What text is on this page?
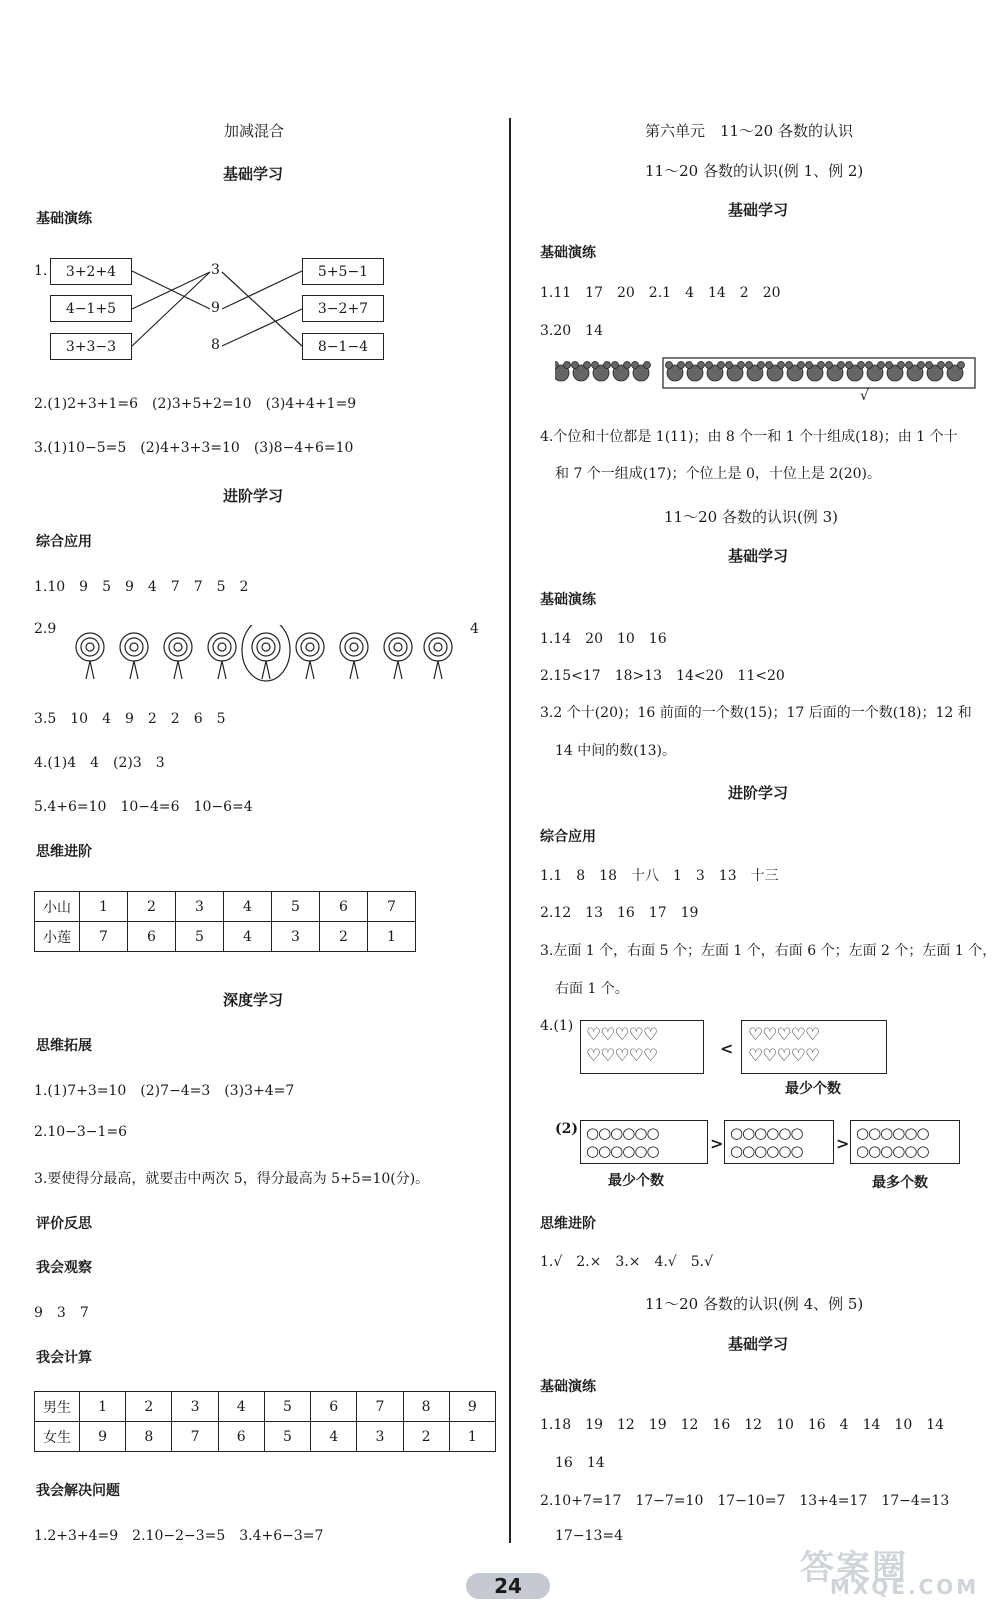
加减混合
基础学习
基础演练
1.	3+2+4
4−1+5
3+3−3
3
9
8
5+5−1
3−2+7
8−1−4
2.(1)2+3+1=6　(2)3+5+2=10　(3)4+4+1=9
3.(1)10−5=5　(2)4+3+3=10　(3)8−4+6=10
进阶学习
综合应用
1.10　9　5　9　4　7　7　5　2
2.9	4
3.5　10　4　9　2　2　6　5
4.(1)4　4　(2)3　3
5.4+6=10　10−4=6　10−6=4
思维进阶
小山	1	2	3	4	5	6	7
小莲	7	6	5	4	3	2	1
深度学习
思维拓展
1.(1)7+3=10　(2)7−4=3　(3)3+4=7
2.10−3−1=6
3.要使得分最高，就要击中两次 5，得分最高为 5+5=10(分)。
评价反思
我会观察
9　3　7
我会计算
男生	1	2	3	4	5	6	7	8	9
女生	9	8	7	6	5	4	3	2	1
我会解决问题
1.2+3+4=9　2.10−2−3=5　3.4+6−3=7
第六单元　11～20 各数的认识
11～20 各数的认识(例 1、例 2)
基础学习
基础演练
1.11　17　20　2.1　4　14　2　20
3.20　14
√
4.个位和十位都是 1(11)；由 8 个一和 1 个十组成(18)；由 1 个十
和 7 个一组成(17)；个位上是 0，十位上是 2(20)。
11～20 各数的认识(例 3)
基础学习
基础演练
1.14　20　10　16
2.15<17　18>13　14<20　11<20
3.2 个十(20)；16 前面的一个数(15)；17 后面的一个数(18)；12 和
14 中间的数(13)。
进阶学习
综合应用
1.1　8　18　十八　1　3　13　十三
2.12　13　16　17　19
3.左面 1 个，右面 5 个；左面 1 个，右面 6 个；左面 2 个；左面 1 个，
右面 1 个。
4.(1) ♡♡♡♡♡
♡♡♡♡♡	<
♡♡♡♡♡
♡♡♡♡♡
最少个数
(2) ○○○○○○
○○○○○○	>
○○○○○○
○○○○○○ >
○○○○○○
○○○○○○
最少个数	最多个数
思维进阶
1.√　2.×　3.×　4.√　5.√
11～20 各数的认识(例 4、例 5)
基础学习
基础演练
1.18　19　12　19　12　16　12　10　16　4　14　10　14
16　14
2.10+7=17　17−7=10　17−10=7　13+4=17　17−4=13
17−13=4
答案圈
MXQE.COM
24
